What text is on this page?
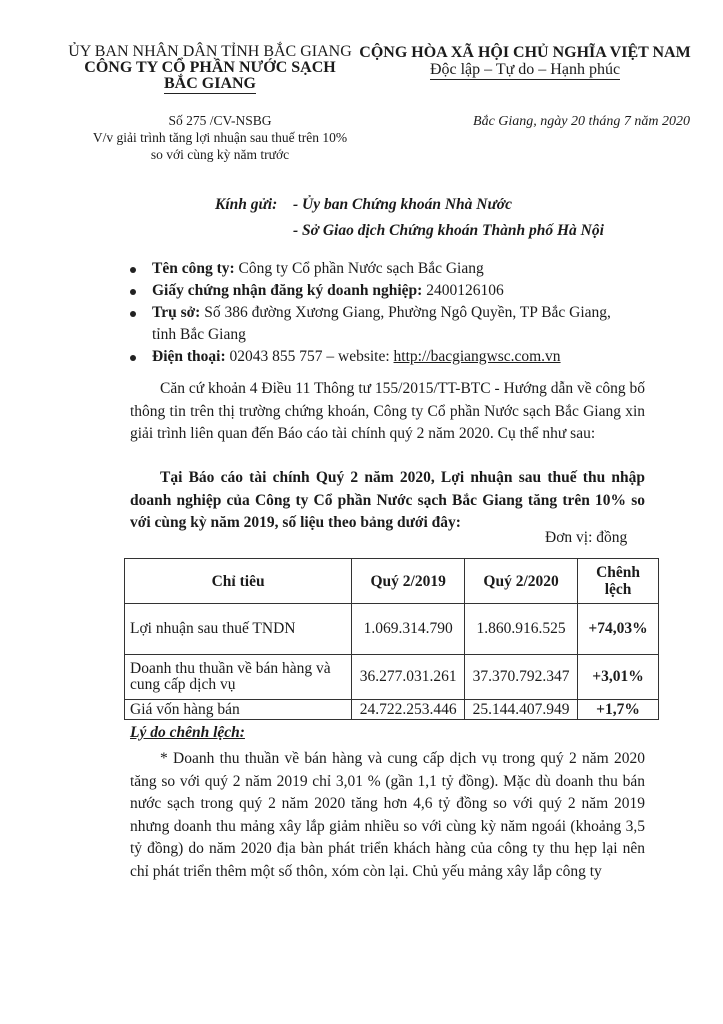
ỦY BAN NHÂN DÂN TỈNH BẮC GIANG
CÔNG TY CỔ PHẦN NƯỚC SẠCH
BẮC GIANG
CỘNG HÒA XÃ HỘI CHỦ NGHĨA VIỆT NAM
Độc lập – Tự do – Hạnh phúc
Số 275 /CV-NSBG
V/v giải trình tăng lợi nhuận sau thuế trên 10%
so với cùng kỳ năm trước
Bắc Giang, ngày 20 tháng 7 năm 2020
Kính gửi: - Ủy ban Chứng khoán Nhà Nước
- Sở Giao dịch Chứng khoán Thành phố Hà Nội
Tên công ty: Công ty Cổ phần Nước sạch Bắc Giang
Giấy chứng nhận đăng ký doanh nghiệp: 2400126106
Trụ sở: Số 386 đường Xương Giang, Phường Ngô Quyền, TP Bắc Giang,
tỉnh Bắc Giang
Điện thoại: 02043 855 757 – website: http://bacgiangwsc.com.vn
Căn cứ khoản 4 Điều 11 Thông tư 155/2015/TT-BTC - Hướng dẫn về công bố thông tin trên thị trường chứng khoán, Công ty Cổ phần Nước sạch Bắc Giang xin giải trình liên quan đến Báo cáo tài chính quý 2 năm 2020. Cụ thể như sau:
Tại Báo cáo tài chính Quý 2 năm 2020, Lợi nhuận sau thuế thu nhập doanh nghiệp của Công ty Cổ phần Nước sạch Bắc Giang tăng trên 10% so với cùng kỳ năm 2019, số liệu theo bảng dưới đây:
Đơn vị: đồng
Chỉ tiêu	Quý 2/2019	Quý 2/2020	Chênh lệch
Lợi nhuận sau thuế TNDN	1.069.314.790	1.860.916.525	+74,03%
Doanh thu thuần về bán hàng và cung cấp dịch vụ	36.277.031.261	37.370.792.347	+3,01%
Giá vốn hàng bán	24.722.253.446	25.144.407.949	+1,7%
Lý do chênh lệch:
* Doanh thu thuần về bán hàng và cung cấp dịch vụ trong quý 2 năm 2020 tăng so với quý 2 năm 2019 chỉ 3,01 % (gần 1,1 tỷ đồng). Mặc dù doanh thu bán nước sạch trong quý 2 năm 2020 tăng hơn 4,6 tỷ đồng so với quý 2 năm 2019 nhưng doanh thu mảng xây lắp giảm nhiều so với cùng kỳ năm ngoái (khoảng 3,5 tỷ đồng) do năm 2020 địa bàn phát triển khách hàng của công ty thu hẹp lại nên chỉ phát triển thêm một số thôn, xóm còn lại. Chủ yếu mảng xây lắp công ty
